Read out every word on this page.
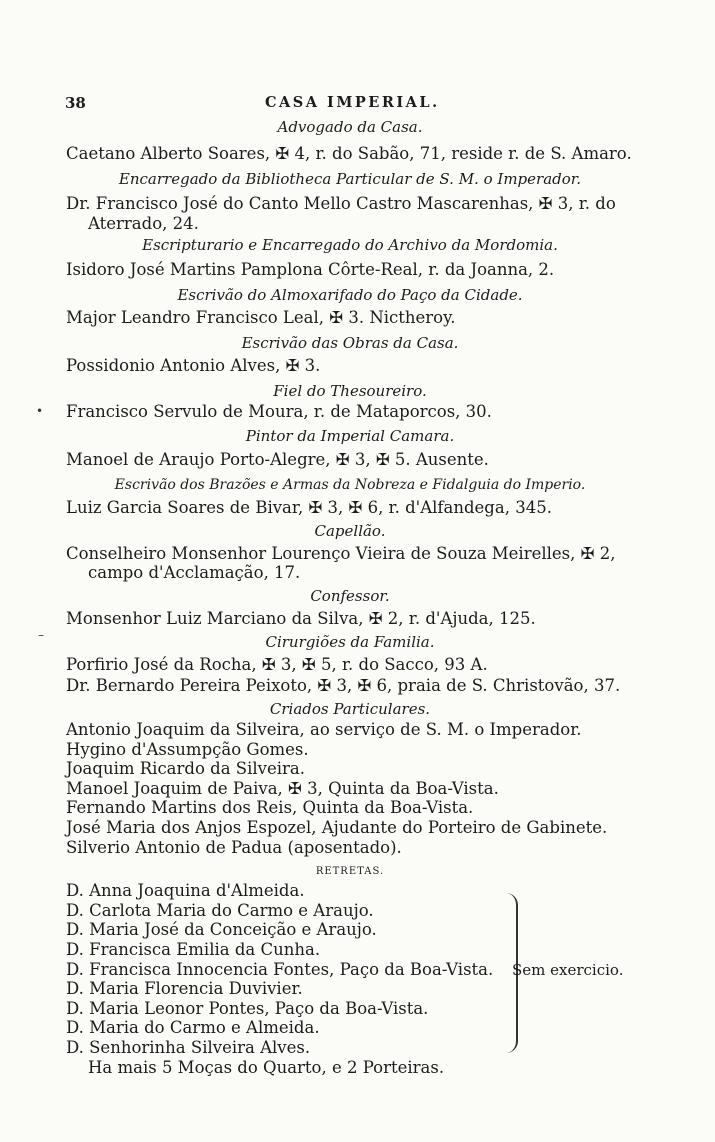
38	CASA IMPERIAL.
Advogado da Casa.
Caetano Alberto Soares, ✠ 4, r. do Sabão, 71, reside r. de S. Amaro.
Encarregado da Bibliotheca Particular de S. M. o Imperador.
Dr. Francisco José do Canto Mello Castro Mascarenhas, ✠ 3, r. do
Aterrado, 24.
Escripturario e Encarregado do Archivo da Mordomia.
Isidoro José Martins Pamplona Côrte-Real, r. da Joanna, 2.
Escrivão do Almoxarifado do Paço da Cidade.
Major Leandro Francisco Leal, ✠ 3. Nictheroy.
Escrivão das Obras da Casa.
Possidonio Antonio Alves, ✠ 3.
Fiel do Thesoureiro.
• Francisco Servulo de Moura, r. de Mataporcos, 30.
Pintor da Imperial Camara.
Manoel de Araujo Porto-Alegre, ✠ 3, ✠ 5. Ausente.
Escrivão dos Brazões e Armas da Nobreza e Fidalguia do Imperio.
Luiz Garcia Soares de Bivar, ✠ 3, ✠ 6, r. d'Alfandega, 345.
Capellão.
Conselheiro Monsenhor Lourenço Vieira de Souza Meirelles, ✠ 2,
campo d'Acclamação, 17.
Confessor.
Monsenhor Luiz Marciano da Silva, ✠ 2, r. d'Ajuda, 125.
–	Cirurgiões da Familia.
Porfirio José da Rocha, ✠ 3, ✠ 5, r. do Sacco, 93 A.
Dr. Bernardo Pereira Peixoto, ✠ 3, ✠ 6, praia de S. Christovão, 37.
Criados Particulares.
Antonio Joaquim da Silveira, ao serviço de S. M. o Imperador.
Hygino d'Assumpção Gomes.
Joaquim Ricardo da Silveira.
Manoel Joaquim de Paiva, ✠ 3, Quinta da Boa-Vista.
Fernando Martins dos Reis, Quinta da Boa-Vista.
José Maria dos Anjos Espozel, Ajudante do Porteiro de Gabinete.
Silverio Antonio de Padua (aposentado).
RETRETAS.
D. Anna Joaquina d'Almeida.
D. Carlota Maria do Carmo e Araujo.
D. Maria José da Conceição e Araujo.
D. Francisca Emilia da Cunha.
D. Francisca Innocencia Fontes, Paço da Boa-Vista.
D. Maria Florencia Duvivier.
D. Maria Leonor Pontes, Paço da Boa-Vista.
D. Maria do Carmo e Almeida.
D. Senhorinha Silveira Alves.
Sem exercicio.
Ha mais 5 Moças do Quarto, e 2 Porteiras.
